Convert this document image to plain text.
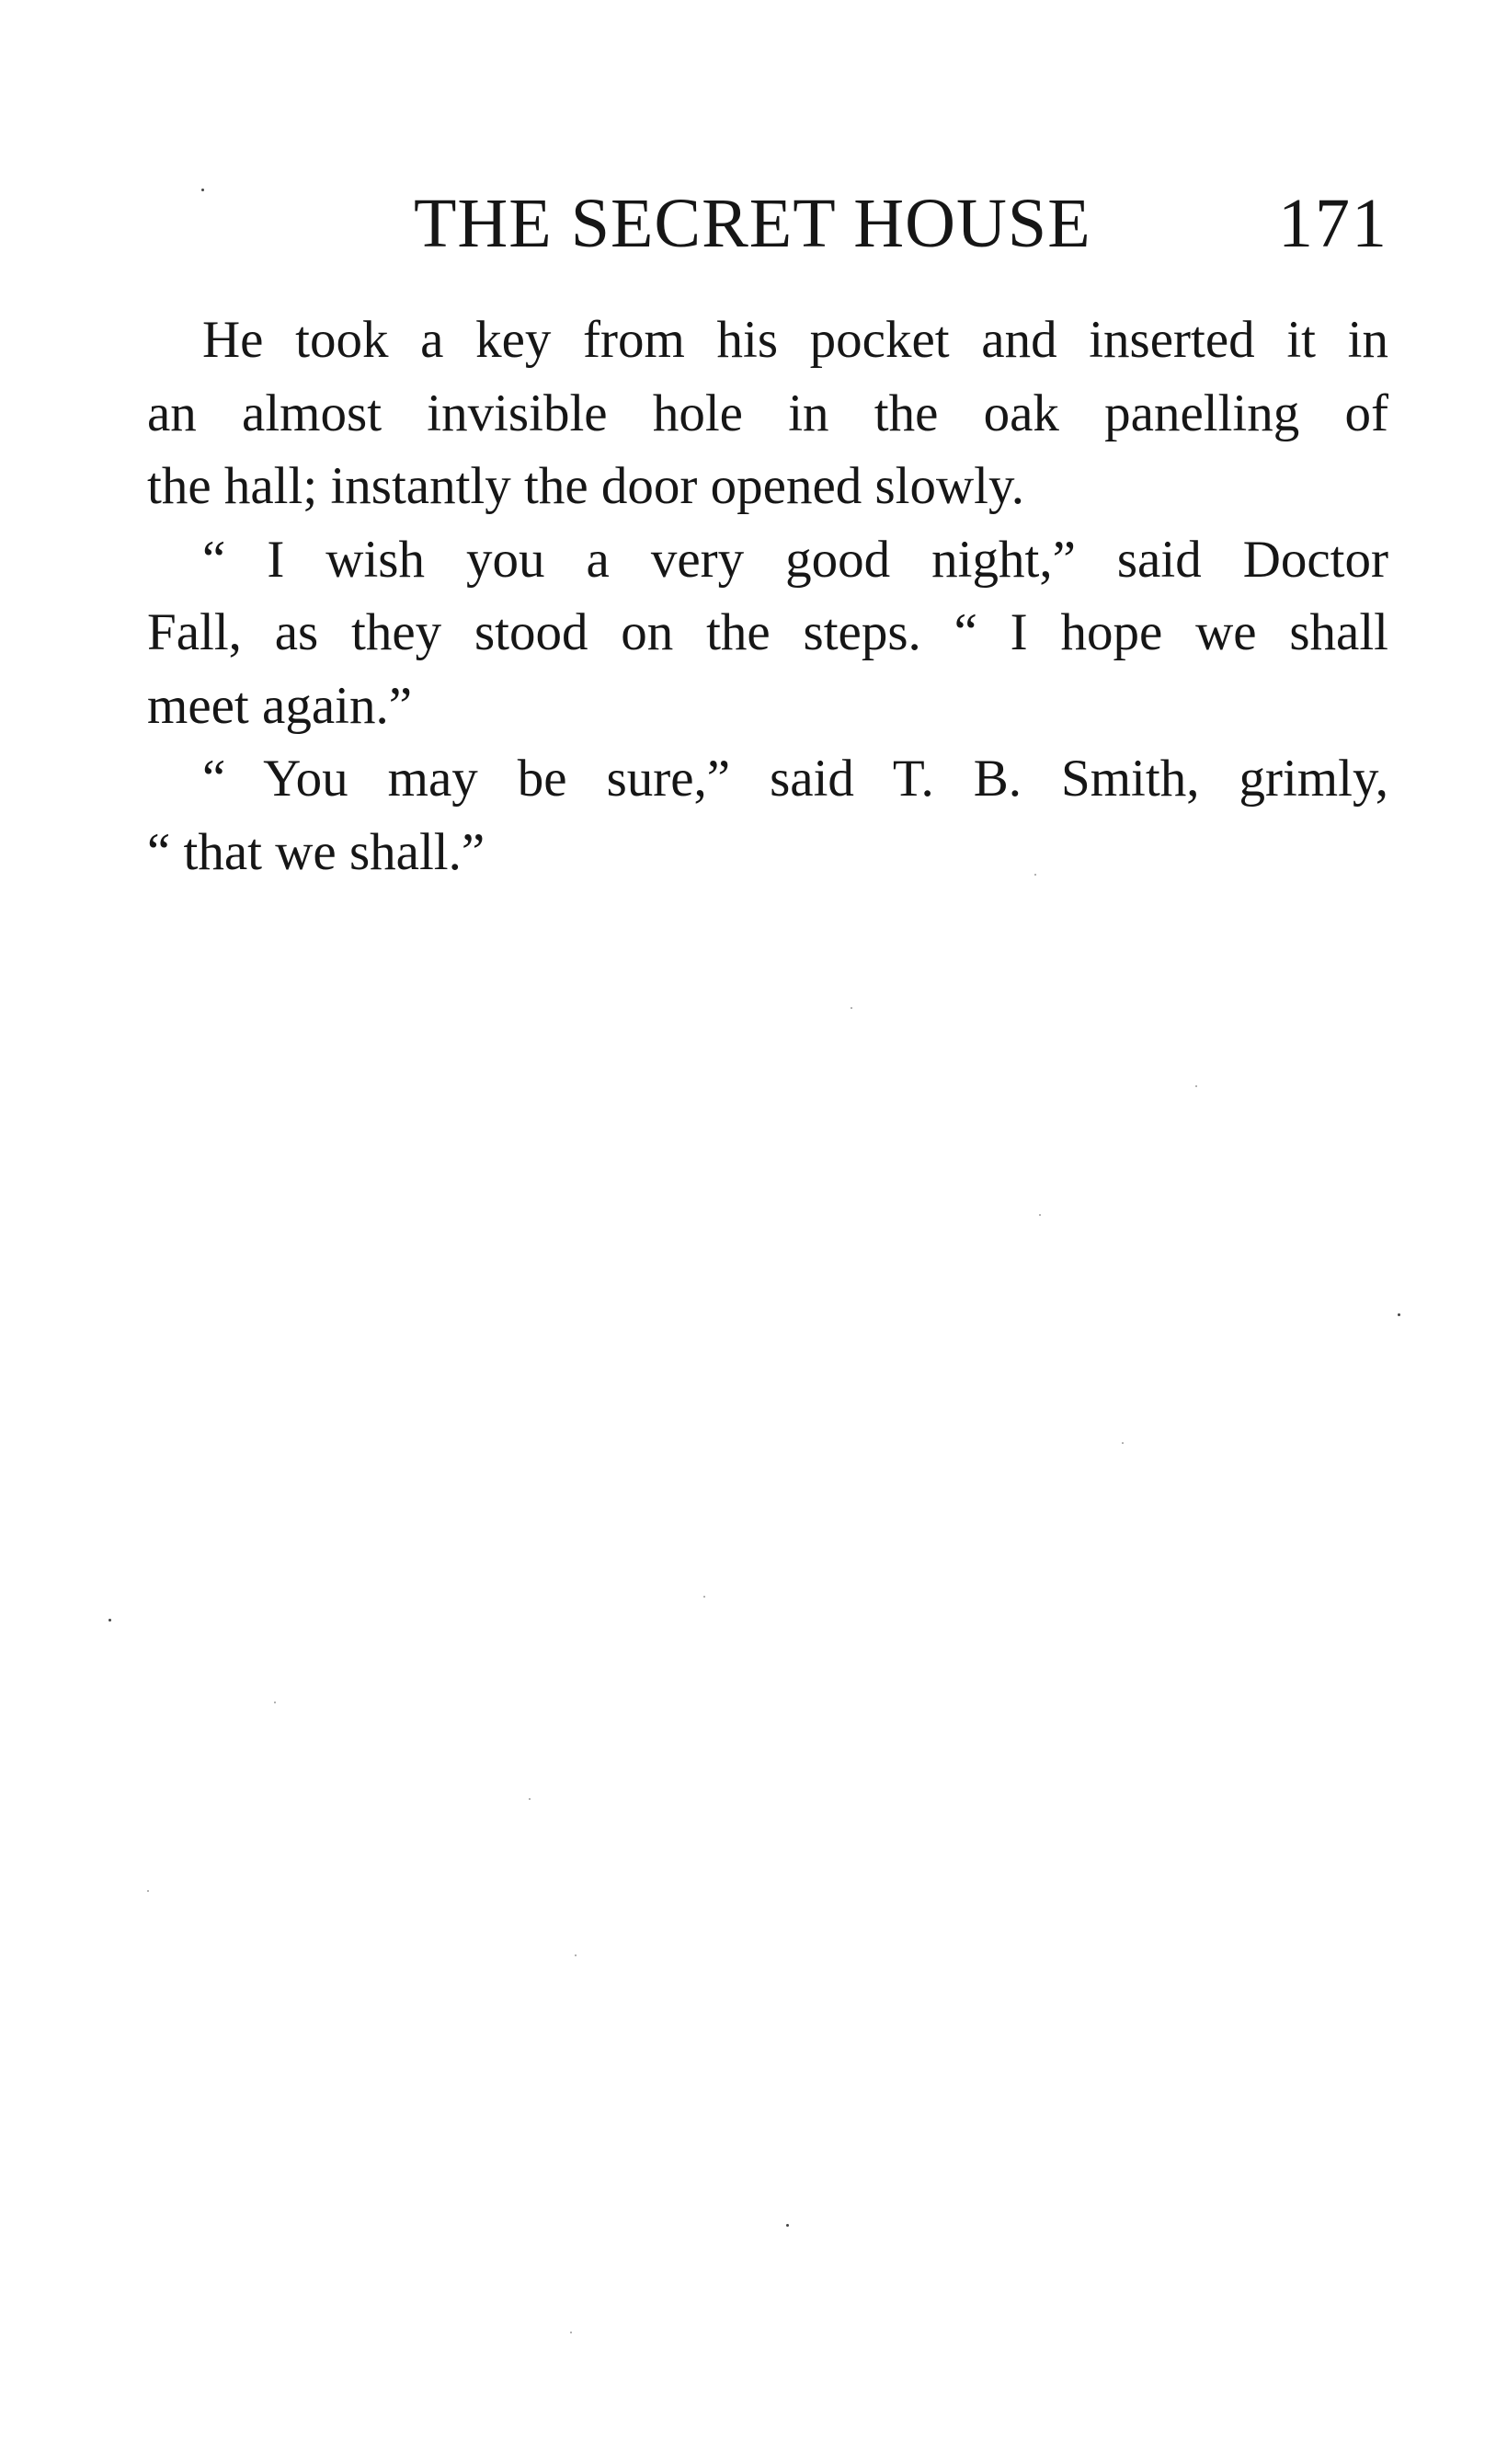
THE SECRET HOUSE	171
He took a key from his pocket and inserted it in
an almost invisible hole in the oak panelling of
the hall; instantly the door opened slowly.
“ I wish you a very good night,” said Doctor
Fall, as they stood on the steps. “ I hope we shall
meet again.”
“ You may be sure,” said T. B. Smith, grimly,
“ that we shall.”
